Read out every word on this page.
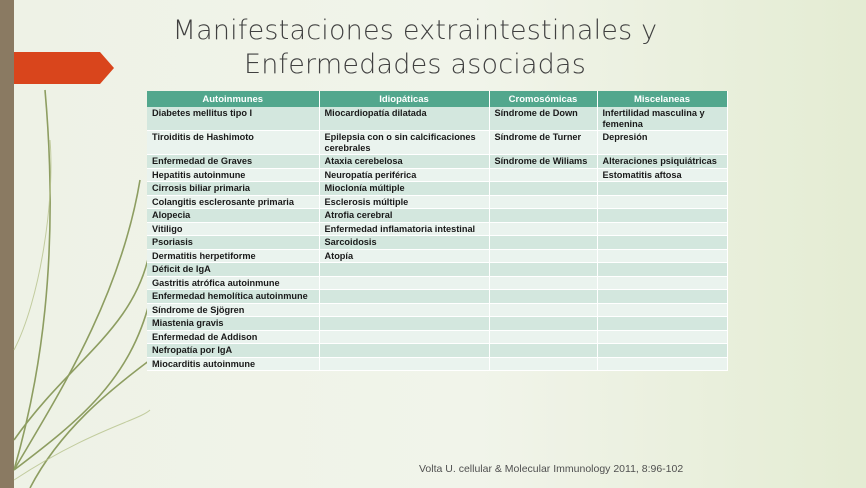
Manifestaciones extraintestinales y
Enfermedades asociadas
Autoinmunes	Idiopáticas	Cromosómicas	Miscelaneas
Diabetes mellitus tipo I	Miocardiopatía dilatada	Síndrome de Down	Infertilidad masculina y femenina
Tiroiditis de Hashimoto	Epilepsia con o sin calcificaciones cerebrales	Síndrome de Turner	Depresión
Enfermedad de Graves	Ataxia cerebelosa	Síndrome de Wiliams	Alteraciones psiquiátricas
Hepatitis autoinmune	Neuropatía periférica		Estomatitis aftosa
Cirrosis biliar primaria	Mioclonía múltiple		
Colangitis esclerosante primaria	Esclerosis múltiple		
Alopecia	Atrofia cerebral		
Vitiligo	Enfermedad inflamatoria intestinal		
Psoriasis	Sarcoidosis		
Dermatitis herpetiforme	Atopía		
Déficit de IgA			
Gastritis atrófica autoinmune			
Enfermedad hemolítica autoinmune			
Síndrome de Sjögren			
Miastenia gravis			
Enfermedad de Addison			
Nefropatía por IgA			
Miocarditis autoinmune			
Volta U. cellular & Molecular Immunology 2011, 8:96-102
